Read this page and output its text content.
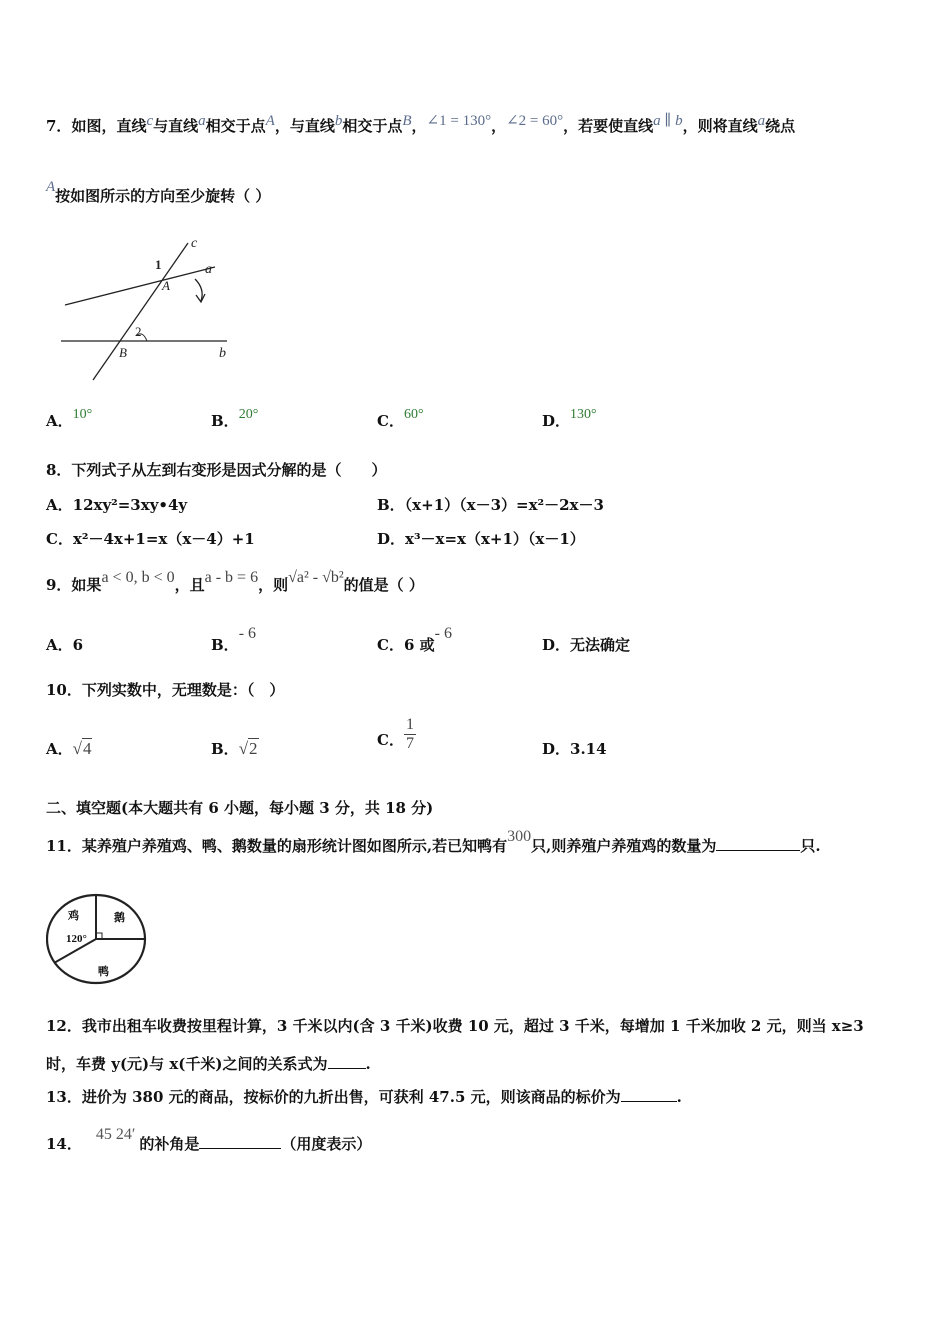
7．如图，直线c与直线a相交于点A，与直线b相交于点B，∠1 = 130°，∠2 = 60°，若要使直线a ∥ b，则将直线a绕点
A按如图所示的方向至少旋转（ ）
c
a
1
A
2
B	b
A．10°	B．20°	C．60°	D．130°
8．下列式子从左到右变形是因式分解的是（　　）
A．12xy²=3xy•4y	B．（x+1）（x－3）=x²－2x－3
C．x²－4x+1=x（x－4）+1	D．x³－x=x（x+1）（x－1）
9．如果a < 0, b < 0，且a - b = 6，则√a² - √b²的值是（ ）
A．6	B．- 6
C．6 或- 6
D．无法确定
10．下列实数中，无理数是：（　）
A．√4	B．√2	C． $\frac{1}{7}$	D．3.14
二、填空题(本大题共有 6 小题，每小题 3 分，共 18 分)
11．某养殖户养殖鸡、鸭、鹅数量的扇形统计图如图所示,若已知鸭有300只,则养殖户养殖鸡的数量为	只.
鸡	鹅
120°
鸭
12．我市出租车收费按里程计算，3 千米以内(含 3 千米)收费 10 元，超过 3 千米，每增加 1 千米加收 2 元，则当 x≥3
时，车费 y(元)与 x(千米)之间的关系式为	.
13．进价为 380 元的商品，按标价的九折出售，可获利 47.5 元，则该商品的标价为	.
14．45 24′的补角是	（用度表示）
